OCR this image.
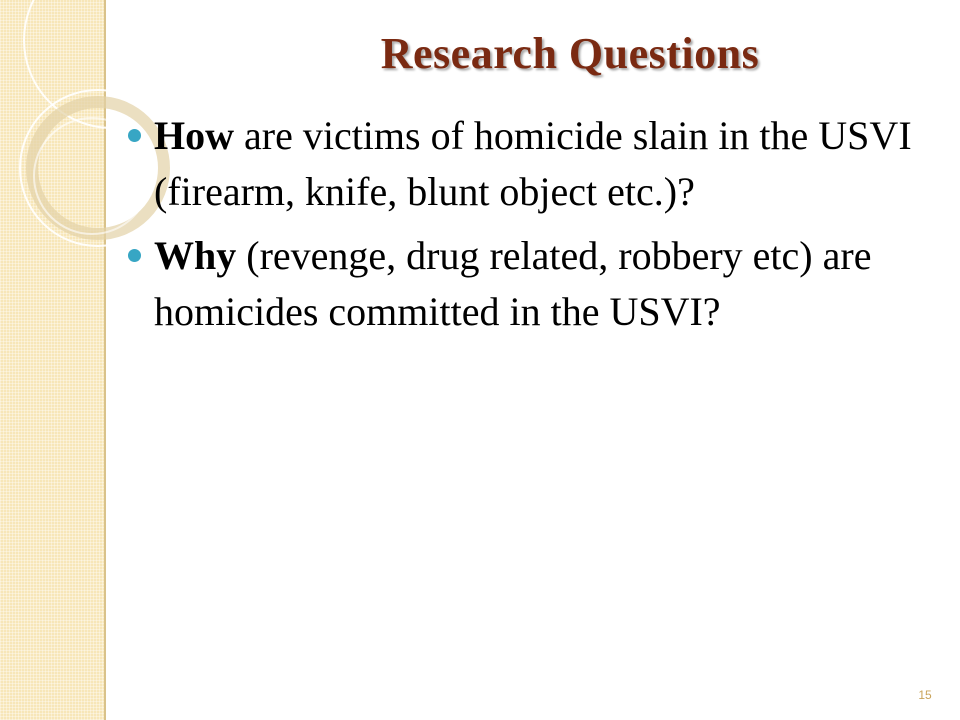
Research Questions
How are victims of homicide slain in the USVI (firearm, knife, blunt object etc.)?
Why (revenge, drug related, robbery etc) are homicides committed in the USVI?
15
